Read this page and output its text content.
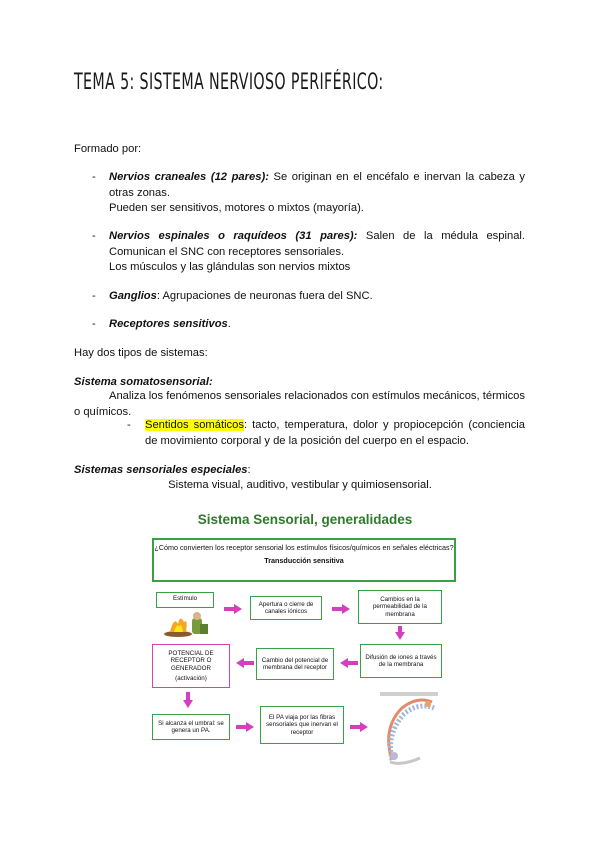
TEMA 5: SISTEMA NERVIOSO PERIFÉRICO:
Formado por:
- Nervios craneales (12 pares): Se originan en el encéfalo e inervan la cabeza y otras zonas.
Pueden ser sensitivos, motores o mixtos (mayoría).
- Nervios espinales o raquídeos (31 pares): Salen de la médula espinal. Comunican el SNC con receptores sensoriales.
Los músculos y las glándulas son nervios mixtos
- Ganglios: Agrupaciones de neuronas fuera del SNC.
- Receptores sensitivos.
Hay dos tipos de sistemas:
Sistema somatosensorial:
Analiza los fenómenos sensoriales relacionados con estímulos mecánicos, térmicos o químicos.
- Sentidos somáticos: tacto, temperatura, dolor y propiocepción (conciencia de movimiento corporal y de la posición del cuerpo en el espacio.
Sistemas sensoriales especiales:
Sistema visual, auditivo, vestibular y quimiosensorial.
Sistema Sensorial, generalidades
¿Cómo convierten los receptor sensorial los estímulos físicos/químicos en señales eléctricas?
Transducción sensitiva
Estímulo
Apertura o cierre de canales iónicos
Cambios en la permeabilidad de la membrana
POTENCIAL DE RECEPTOR O GENERADOR
(activación)
Cambio del potencial de membrana del receptor
Difusión de iones a través de la membrana
Si alcanza el umbral: se genera un PA.
El PA viaja por las fibras sensoriales que inervan el receptor
